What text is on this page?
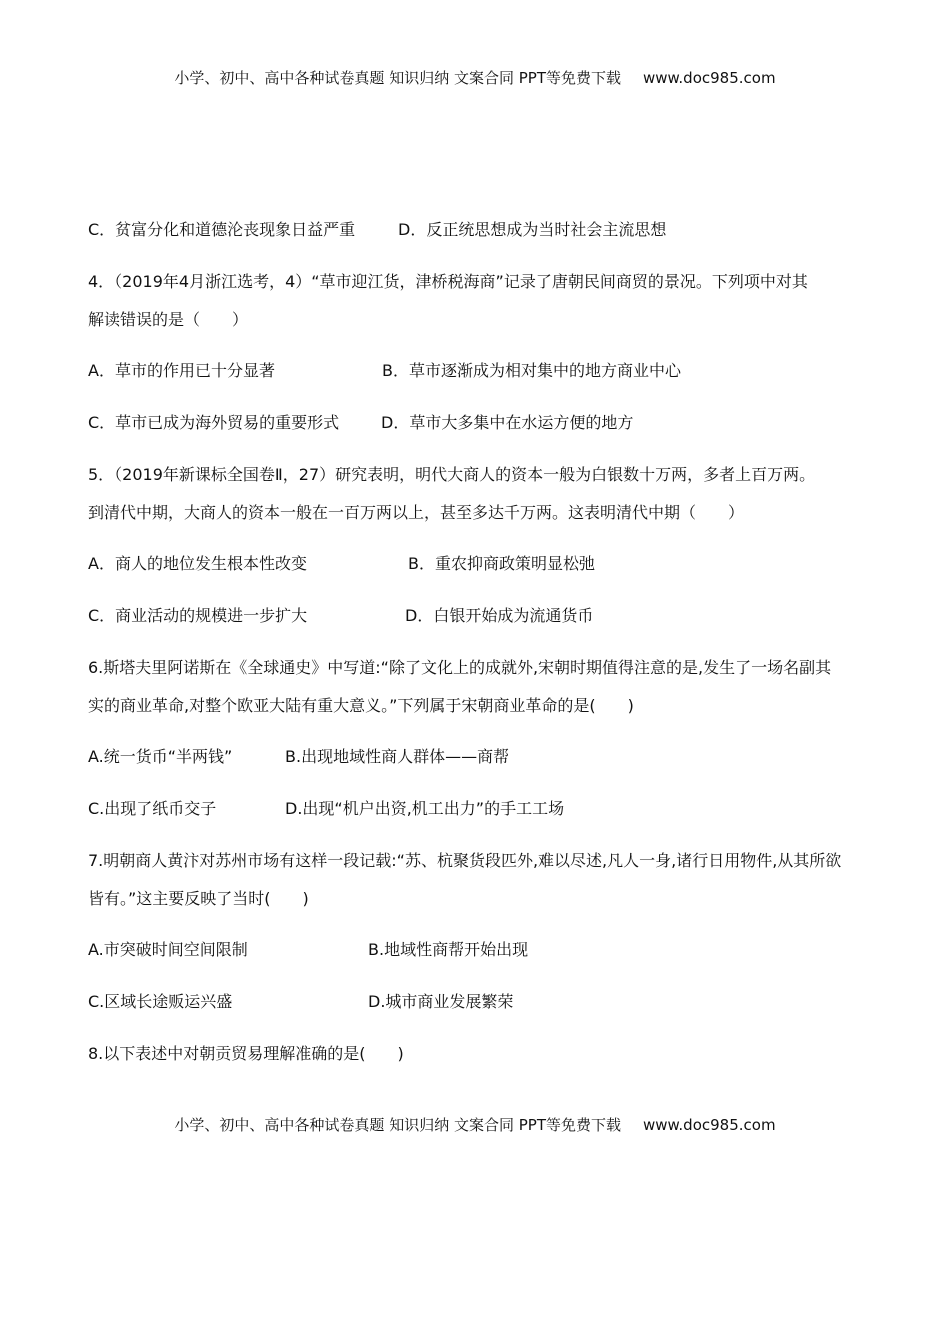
小学、初中、高中各种试卷真题 知识归纳 文案合同 PPT等免费下载 www.doc985.com
C．贫富分化和道德沦丧现象日益严重	D．反正统思想成为当时社会主流思想
4．（2019年4月浙江选考，4）“草市迎江货，津桥税海商”记录了唐朝民间商贸的景况。下列项中对其
解读错误的是（　　）
A．草市的作用已十分显著	B．草市逐渐成为相对集中的地方商业中心
C．草市已成为海外贸易的重要形式	D．草市大多集中在水运方便的地方
5．（2019年新课标全国卷Ⅱ，27）研究表明，明代大商人的资本一般为白银数十万两，多者上百万两。
到清代中期，大商人的资本一般在一百万两以上，甚至多达千万两。这表明清代中期（　　）
A．商人的地位发生根本性改变	B．重农抑商政策明显松弛
C．商业活动的规模进一步扩大	D．白银开始成为流通货币
6.斯塔夫里阿诺斯在《全球通史》中写道:“除了文化上的成就外,宋朝时期值得注意的是,发生了一场名副其
实的商业革命,对整个欧亚大陆有重大意义。”下列属于宋朝商业革命的是(　　)
A.统一货币“半两钱”	B.出现地域性商人群体——商帮
C.出现了纸币交子	D.出现“机户出资,机工出力”的手工工场
7.明朝商人黄汴对苏州市场有这样一段记载:“苏、杭聚货段匹外,难以尽述,凡人一身,诸行日用物件,从其所欲
皆有。”这主要反映了当时(　　)
A.市突破时间空间限制	B.地域性商帮开始出现
C.区域长途贩运兴盛	D.城市商业发展繁荣
8.以下表述中对朝贡贸易理解准确的是(　　)
小学、初中、高中各种试卷真题 知识归纳 文案合同 PPT等免费下载 www.doc985.com
